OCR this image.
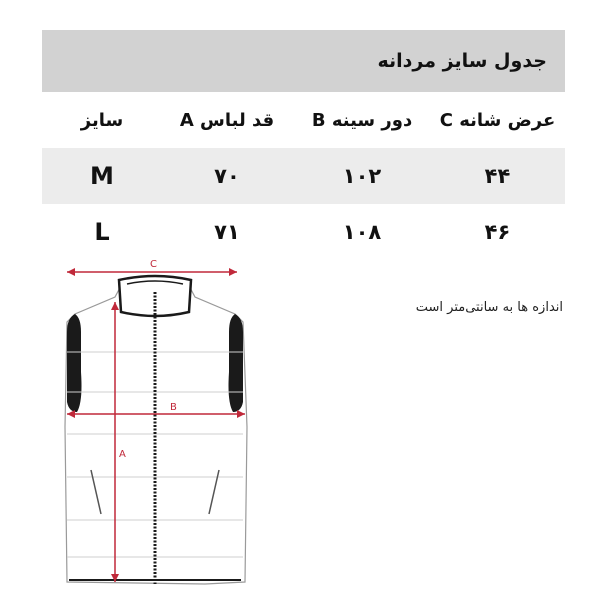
جدول سایز مردانه
C عرض شانه
B دور سینه
A قد لباس
سایز
۴۴
۱۰۲
۷۰
M
۴۶
۱۰۸
۷۱
L
اندازه ها به سانتی‌متر است
C
B
A
